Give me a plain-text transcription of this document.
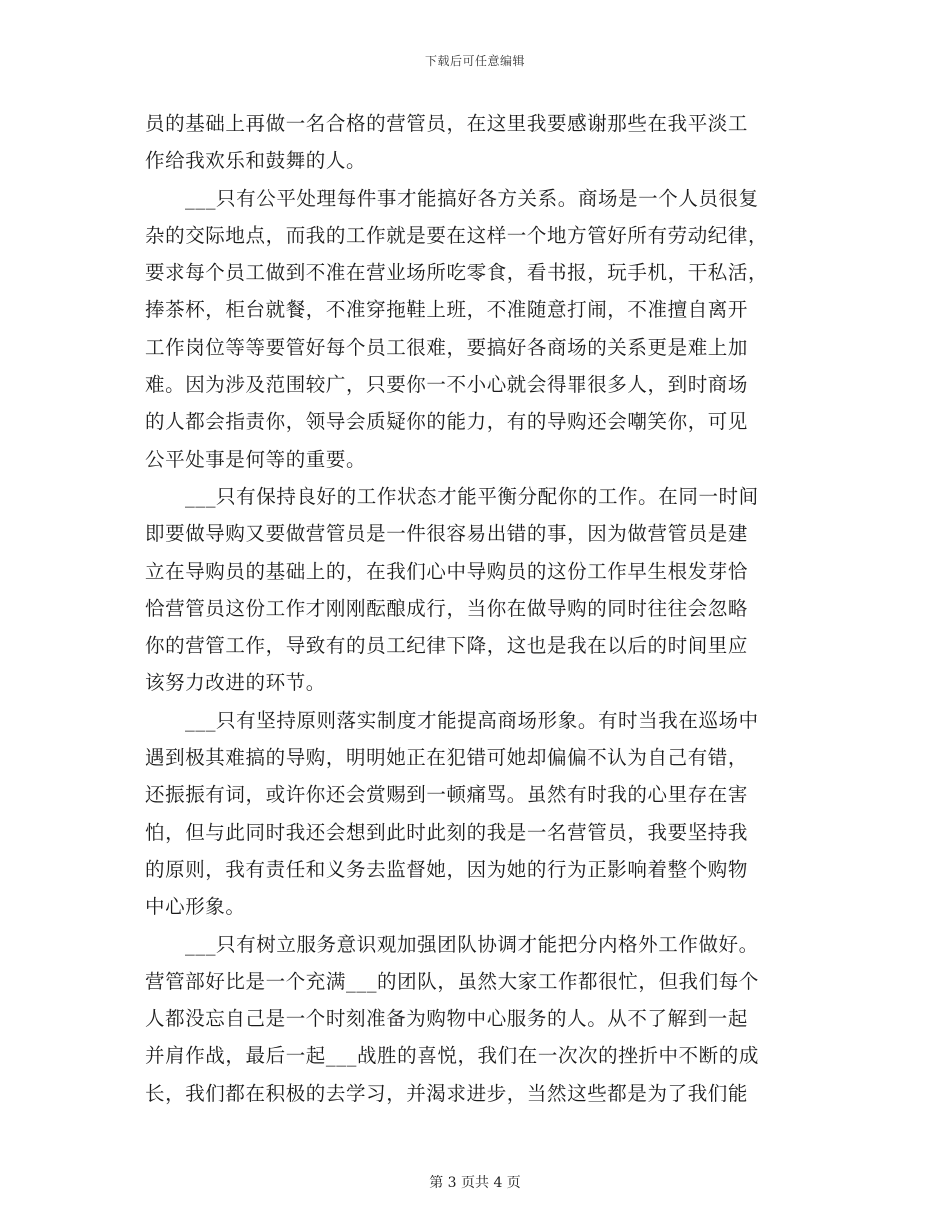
下载后可任意编辑
员的基础上再做一名合格的营管员，在这里我要感谢那些在我平淡工
作给我欢乐和鼓舞的人。
___只有公平处理每件事才能搞好各方关系。商场是一个人员很复
杂的交际地点，而我的工作就是要在这样一个地方管好所有劳动纪律，
要求每个员工做到不准在营业场所吃零食，看书报，玩手机，干私活，
捧茶杯，柜台就餐，不准穿拖鞋上班，不准随意打闹，不准擅自离开
工作岗位等等要管好每个员工很难，要搞好各商场的关系更是难上加
难。因为涉及范围较广，只要你一不小心就会得罪很多人，到时商场
的人都会指责你，领导会质疑你的能力，有的导购还会嘲笑你，可见
公平处事是何等的重要。
___只有保持良好的工作状态才能平衡分配你的工作。在同一时间
即要做导购又要做营管员是一件很容易出错的事，因为做营管员是建
立在导购员的基础上的，在我们心中导购员的这份工作早生根发芽恰
恰营管员这份工作才刚刚酝酿成行，当你在做导购的同时往往会忽略
你的营管工作，导致有的员工纪律下降，这也是我在以后的时间里应
该努力改进的环节。
___只有坚持原则落实制度才能提高商场形象。有时当我在巡场中
遇到极其难搞的导购，明明她正在犯错可她却偏偏不认为自己有错，
还振振有词，或许你还会赏赐到一顿痛骂。虽然有时我的心里存在害
怕，但与此同时我还会想到此时此刻的我是一名营管员，我要坚持我
的原则，我有责任和义务去监督她，因为她的行为正影响着整个购物
中心形象。
___只有树立服务意识观加强团队协调才能把分内格外工作做好。
营管部好比是一个充满___的团队，虽然大家工作都很忙，但我们每个
人都没忘自己是一个时刻准备为购物中心服务的人。从不了解到一起
并肩作战，最后一起___战胜的喜悦，我们在一次次的挫折中不断的成
长，我们都在积极的去学习，并渴求进步，当然这些都是为了我们能
第 3 页共 4 页
